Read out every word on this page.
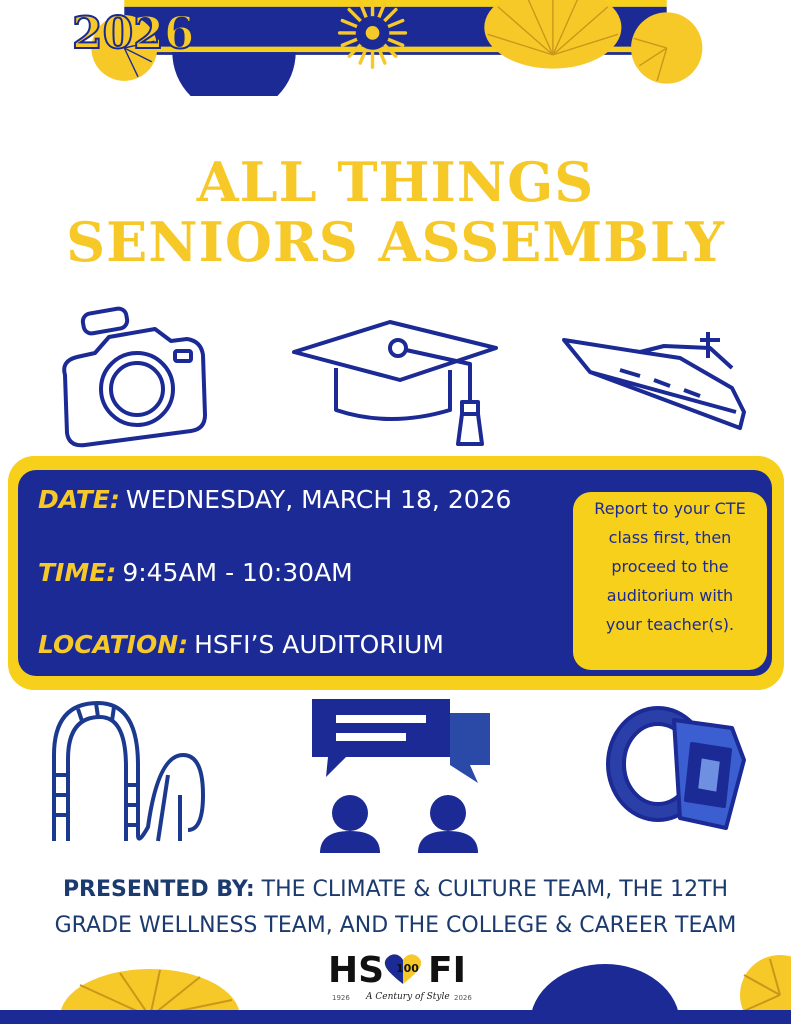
2026
ALL THINGS
SENIORS ASSEMBLY
DATE: WEDNESDAY, MARCH 18, 2026
TIME: 9:45AM - 10:30AM
LOCATION: HSFI’S AUDITORIUM
Report to your CTE
class first, then
proceed to the
auditorium with
your teacher(s).
PRESENTED BY: THE CLIMATE & CULTURE TEAM, THE 12TH
GRADE WELLNESS TEAM, AND THE COLLEGE & CAREER TEAM
HS 100 FI
1926 A Century of Style 2026
